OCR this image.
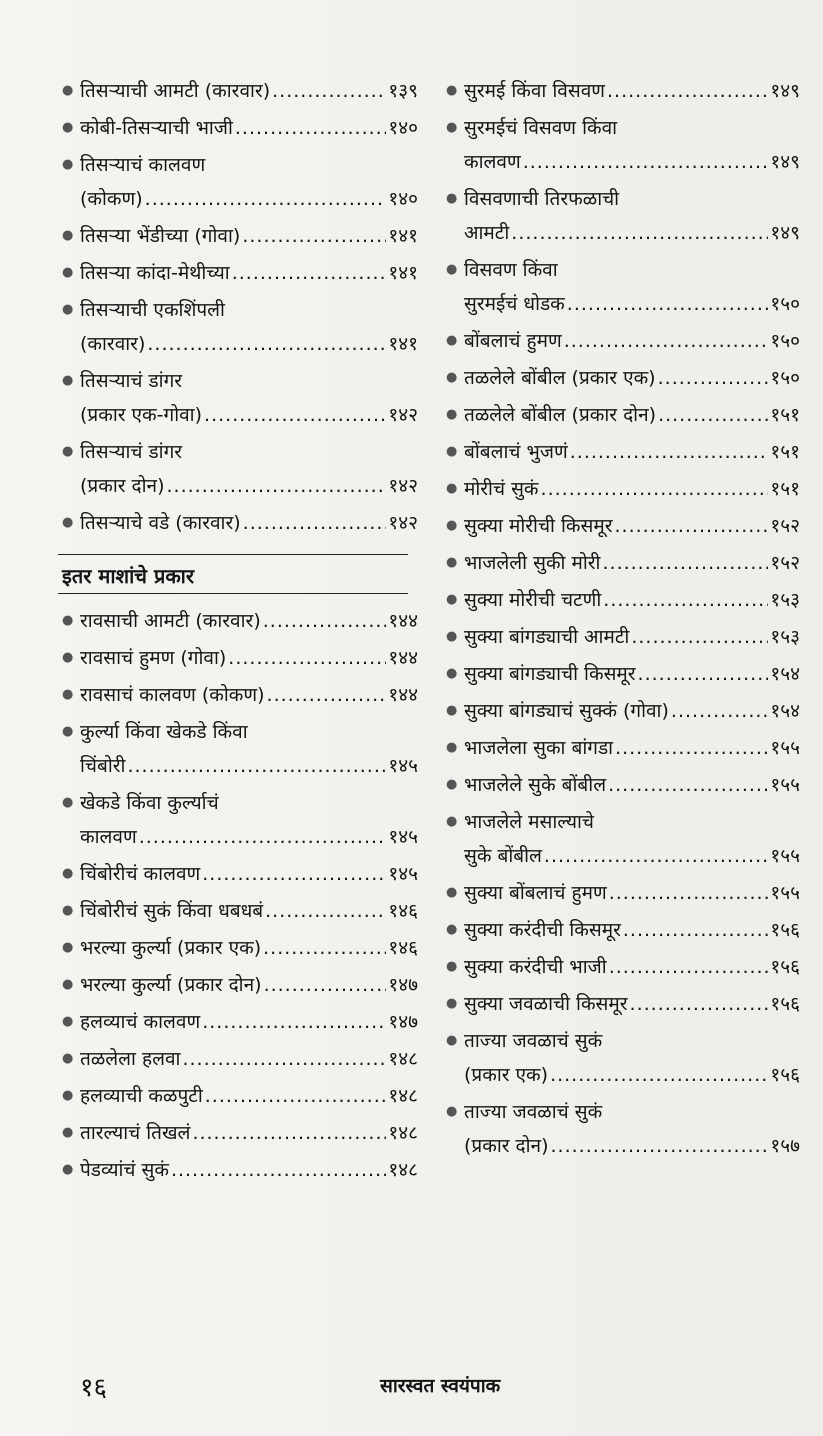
● तिसऱ्याची आमटी (कारवार) .....	१३९
● कोबी-तिसऱ्याची भाजी .....	१४०
● तिसऱ्याचं कालवण
(कोकण) .....	१४०
● तिसऱ्या भेंडीच्या (गोवा) .....	१४१
● तिसऱ्या कांदा-मेथीच्या .....	१४१
● तिसऱ्याची एकशिंपली
(कारवार) .....	१४१
● तिसऱ्याचं डांगर
(प्रकार एक-गोवा) .....	१४२
● तिसऱ्याचं डांगर
(प्रकार दोन) .....	१४२
● तिसऱ्याचे वडे (कारवार) .....	१४२
इतर माशांचे प्रकार
● रावसाची आमटी (कारवार) .....	१४४
● रावसाचं हुमण (गोवा) .....	१४४
● रावसाचं कालवण (कोकण) .....	१४४
● कुर्ल्या किंवा खेकडे किंवा
चिंबोरी .....	१४५
● खेकडे किंवा कुर्ल्याचं
कालवण .....	१४५
● चिंबोरीचं कालवण .....	१४५
● चिंबोरीचं सुकं किंवा धबधबं .....	१४६
● भरल्या कुर्ल्या (प्रकार एक) .....	१४६
● भरल्या कुर्ल्या (प्रकार दोन) .....	१४७
● हलव्याचं कालवण .....	१४७
● तळलेला हलवा .....	१४८
● हलव्याची कळपुटी .....	१४८
● तारल्याचं तिखलं .....	१४८
● पेडव्यांचं सुकं .....	१४८
● सुरमई किंवा विसवण .....	१४९
● सुरमईचं विसवण किंवा
कालवण .....	१४९
● विसवणाची तिरफळाची
आमटी .....	१४९
● विसवण किंवा
सुरमईचं धोडक .....	१५०
● बोंबलाचं हुमण .....	१५०
● तळलेले बोंबील (प्रकार एक) .....	१५०
● तळलेले बोंबील (प्रकार दोन) .....	१५१
● बोंबलाचं भुजणं .....	१५१
● मोरीचं सुकं .....	१५१
● सुक्या मोरीची किसमूर .....	१५२
● भाजलेली सुकी मोरी .....	१५२
● सुक्या मोरीची चटणी .....	१५३
● सुक्या बांगड्याची आमटी .....	१५३
● सुक्या बांगड्याची किसमूर .....	१५४
● सुक्या बांगड्याचं सुक्कं (गोवा) .....	१५४
● भाजलेला सुका बांगडा .....	१५५
● भाजलेले सुके बोंबील .....	१५५
● भाजलेले मसाल्याचे
सुके बोंबील .....	१५५
● सुक्या बोंबलाचं हुमण .....	१५५
● सुक्या करंदीची किसमूर .....	१५६
● सुक्या करंदीची भाजी .....	१५६
● सुक्या जवळाची किसमूर .....	१५६
● ताज्या जवळाचं सुकं
(प्रकार एक) .....	१५६
● ताज्या जवळाचं सुकं
(प्रकार दोन) .....	१५७
१६	सारस्वत स्वयंपाक
